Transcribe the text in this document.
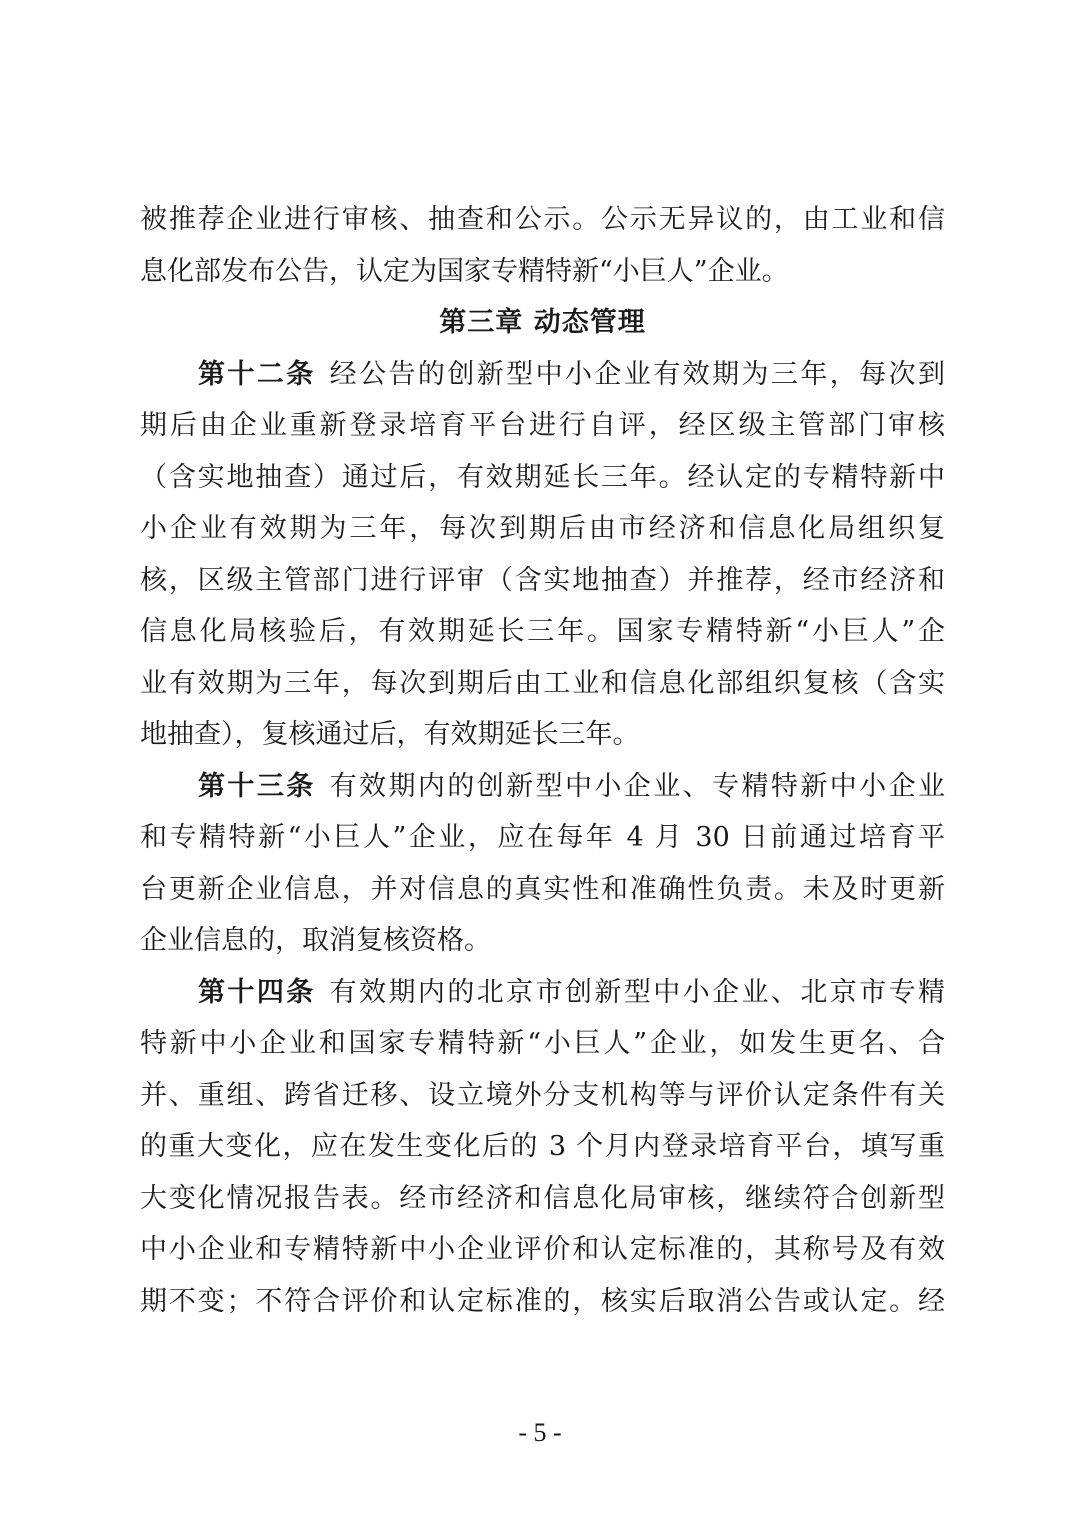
被推荐企业进行审核、抽查和公示。公示无异议的，由工业和信
息化部发布公告，认定为国家专精特新“小巨人”企业。
第三章 动态管理
第十二条 经公告的创新型中小企业有效期为三年，每次到
期后由企业重新登录培育平台进行自评，经区级主管部门审核
（含实地抽查）通过后，有效期延长三年。经认定的专精特新中
小企业有效期为三年，每次到期后由市经济和信息化局组织复
核，区级主管部门进行评审（含实地抽查）并推荐，经市经济和
信息化局核验后，有效期延长三年。国家专精特新“小巨人”企
业有效期为三年，每次到期后由工业和信息化部组织复核（含实
地抽查），复核通过后，有效期延长三年。
第十三条 有效期内的创新型中小企业、专精特新中小企业
和专精特新“小巨人”企业，应在每年 4 月 30 日前通过培育平
台更新企业信息，并对信息的真实性和准确性负责。未及时更新
企业信息的，取消复核资格。
第十四条 有效期内的北京市创新型中小企业、北京市专精
特新中小企业和国家专精特新“小巨人”企业，如发生更名、合
并、重组、跨省迁移、设立境外分支机构等与评价认定条件有关
的重大变化，应在发生变化后的 3 个月内登录培育平台，填写重
大变化情况报告表。经市经济和信息化局审核，继续符合创新型
中小企业和专精特新中小企业评价和认定标准的，其称号及有效
期不变；不符合评价和认定标准的，核实后取消公告或认定。经
- 5 -
